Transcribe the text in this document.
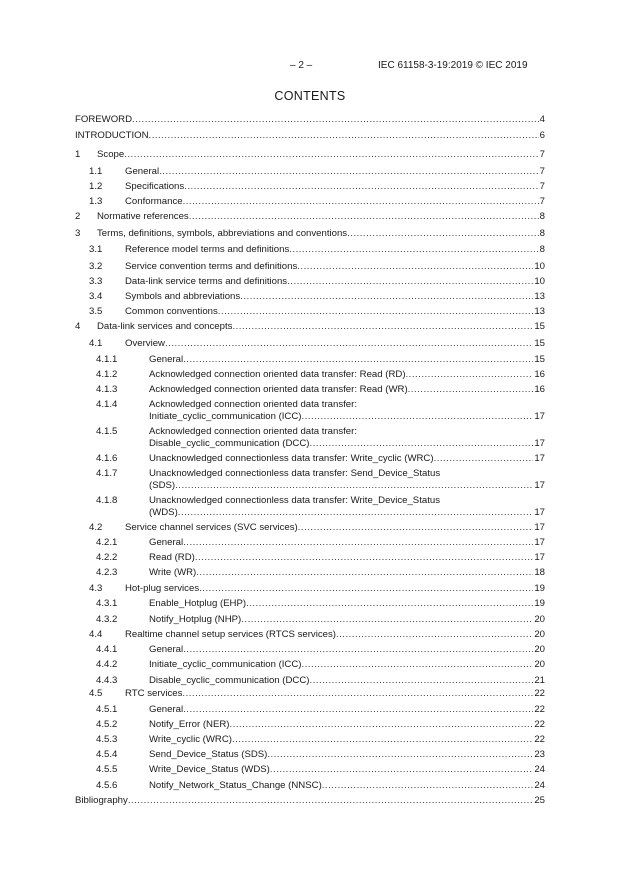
– 2 –	IEC 61158-3-19:2019 © IEC 2019
CONTENTS
FOREWORD .....	4
INTRODUCTION .....	6
1 Scope .....	7
1.1 General .....	7
1.2 Specifications .....	7
1.3 Conformance .....	7
2 Normative references .....	8
3 Terms, definitions, symbols, abbreviations and conventions .....	8
3.1 Reference model terms and definitions .....	8
3.2 Service convention terms and definitions .....	10
3.3 Data-link service terms and definitions .....	10
3.4 Symbols and abbreviations .....	13
3.5 Common conventions .....	13
4 Data-link services and concepts .....	15
4.1 Overview .....	15
4.1.1	General .....	15
4.1.2	Acknowledged connection oriented data transfer: Read (RD) .....	16
4.1.3	Acknowledged connection oriented data transfer: Read (WR) .....	16
4.1.4	Acknowledged connection oriented data transfer:
Initiate_cyclic_communication (ICC) .....	17
4.1.5	Acknowledged connection oriented data transfer:
Disable_cyclic_communication (DCC) .....	17
4.1.6	Unacknowledged connectionless data transfer: Write_cyclic (WRC) .....	17
4.1.7	Unacknowledged connectionless data transfer: Send_Device_Status
(SDS) .....	17
4.1.8	Unacknowledged connectionless data transfer: Write_Device_Status
(WDS) .....	17
4.2 Service channel services (SVC services) .....	17
4.2.1	General .....	17
4.2.2	Read (RD) .....	17
4.2.3	Write (WR) .....	18
4.3 Hot-plug services .....	19
4.3.1	Enable_Hotplug (EHP) .....	19
4.3.2	Notify_Hotplug (NHP) .....	20
4.4 Realtime channel setup services (RTCS services) .....	20
4.4.1	General .....	20
4.4.2	Initiate_cyclic_communication (ICC) .....	20
4.4.3	Disable_cyclic_communication (DCC) .....	21
4.5 RTC services .....	22
4.5.1	General .....	22
4.5.2	Notify_Error (NER) .....	22
4.5.3	Write_cyclic (WRC) .....	22
4.5.4	Send_Device_Status (SDS) .....	23
4.5.5	Write_Device_Status (WDS) .....	24
4.5.6	Notify_Network_Status_Change (NNSC) .....	24
Bibliography .....	25
